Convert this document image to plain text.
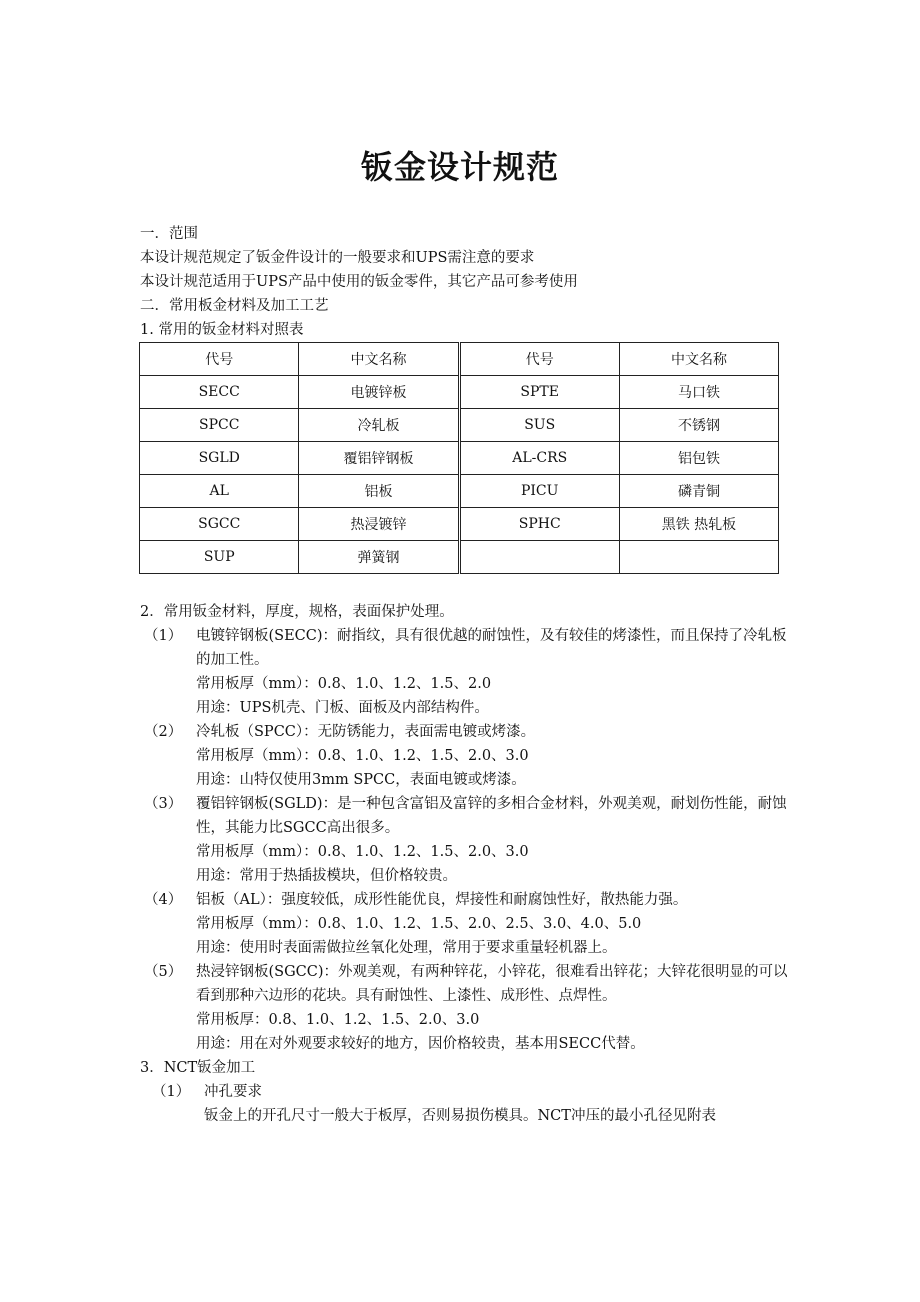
钣金设计规范
一．范围
本设计规范规定了钣金件设计的一般要求和UPS需注意的要求
本设计规范适用于UPS产品中使用的钣金零件，其它产品可参考使用
二．常用板金材料及加工工艺
1. 常用的钣金材料对照表
代号	中文名称	代号	中文名称
SECC	电镀锌板	SPTE	马口铁
SPCC	冷轧板	SUS	不锈钢
SGLD	覆铝锌钢板	AL-CRS	铝包铁
AL	铝板	PICU	磷青铜
SGCC	热浸镀锌	SPHC	黑铁 热轧板
SUP	弹簧钢		
2．常用钣金材料，厚度，规格，表面保护处理。
（1） 电镀锌钢板(SECC)：耐指纹，具有很优越的耐蚀性，及有较佳的烤漆性，而且保持了冷轧板的加工性。
常用板厚（mm）：0.8、1.0、1.2、1.5、2.0
用途：UPS机壳、门板、面板及内部结构件。
（2） 冷轧板（SPCC）：无防锈能力，表面需电镀或烤漆。
常用板厚（mm）：0.8、1.0、1.2、1.5、2.0、3.0
用途：山特仅使用3mm SPCC，表面电镀或烤漆。
（3） 覆铝锌钢板(SGLD)：是一种包含富铝及富锌的多相合金材料，外观美观，耐划伤性能，耐蚀性，其能力比SGCC高出很多。
常用板厚（mm）：0.8、1.0、1.2、1.5、2.0、3.0
用途：常用于热插拔模块，但价格较贵。
（4） 铝板（AL）：强度较低，成形性能优良，焊接性和耐腐蚀性好，散热能力强。
常用板厚（mm）：0.8、1.0、1.2、1.5、2.0、2.5、3.0、4.0、5.0
用途：使用时表面需做拉丝氧化处理，常用于要求重量轻机器上。
（5） 热浸锌钢板(SGCC)：外观美观，有两种锌花，小锌花，很难看出锌花；大锌花很明显的可以看到那种六边形的花块。具有耐蚀性、上漆性、成形性、点焊性。
常用板厚：0.8、1.0、1.2、1.5、2.0、3.0
用途：用在对外观要求较好的地方，因价格较贵，基本用SECC代替。
3．NCT钣金加工
（1） 冲孔要求
钣金上的开孔尺寸一般大于板厚，否则易损伤模具。NCT冲压的最小孔径见附表
